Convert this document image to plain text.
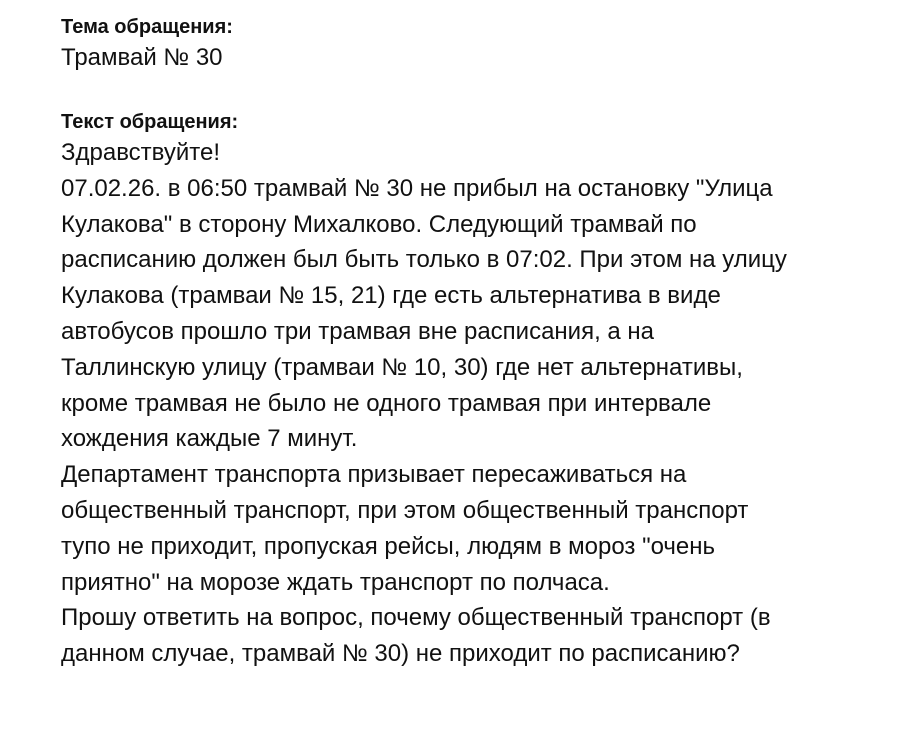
Тема обращения:
Трамвай № 30
Текст обращения:
Здравствуйте!
07.02.26. в 06:50 трамвай № 30 не прибыл на остановку "Улица
Кулакова" в сторону Михалково. Следующий трамвай по
расписанию должен был быть только в 07:02. При этом на улицу
Кулакова (трамваи № 15, 21) где есть альтернатива в виде
автобусов прошло три трамвая вне расписания, а на
Таллинскую улицу (трамваи № 10, 30) где нет альтернативы,
кроме трамвая не было не одного трамвая при интервале
хождения каждые 7 минут.
Департамент транспорта призывает пересаживаться на
общественный транспорт, при этом общественный транспорт
тупо не приходит, пропуская рейсы, людям в мороз "очень
приятно" на морозе ждать транспорт по полчаса.
Прошу ответить на вопрос, почему общественный транспорт (в
данном случае, трамвай № 30) не приходит по расписанию?
